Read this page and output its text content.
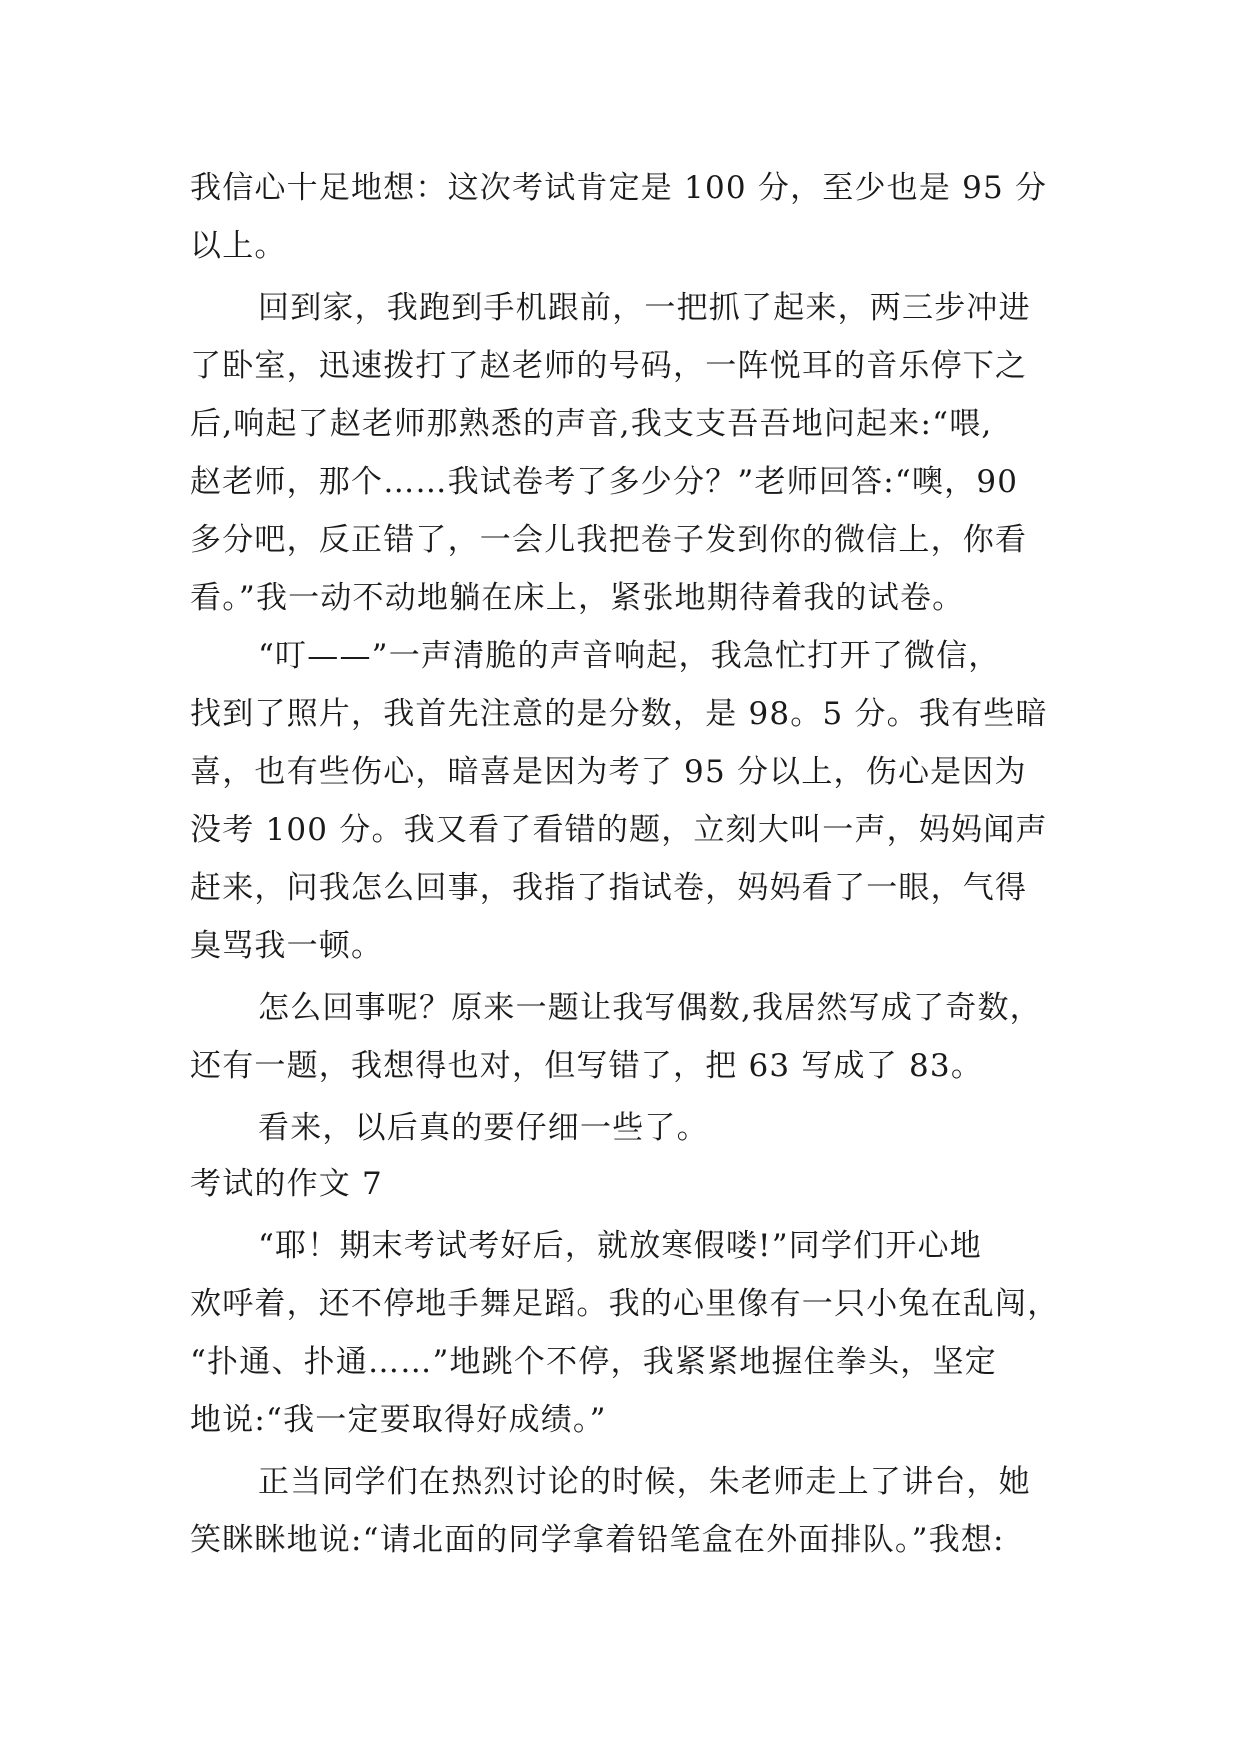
我信心十足地想：这次考试肯定是 100 分，至少也是 95 分
以上。
回到家，我跑到手机跟前，一把抓了起来，两三步冲进
了卧室，迅速拨打了赵老师的号码，一阵悦耳的音乐停下之
后,响起了赵老师那熟悉的声音,我支支吾吾地问起来:“喂,
赵老师，那个……我试卷考了多少分？”老师回答:“噢，90
多分吧，反正错了，一会儿我把卷子发到你的微信上，你看
看。”我一动不动地躺在床上，紧张地期待着我的试卷。
“叮——”一声清脆的声音响起，我急忙打开了微信，
找到了照片，我首先注意的是分数，是 98。5 分。我有些暗
喜，也有些伤心，暗喜是因为考了 95 分以上，伤心是因为
没考 100 分。我又看了看错的题，立刻大叫一声，妈妈闻声
赶来，问我怎么回事，我指了指试卷，妈妈看了一眼，气得
臭骂我一顿。
怎么回事呢？原来一题让我写偶数,我居然写成了奇数，
还有一题，我想得也对，但写错了，把 63 写成了 83。
看来，以后真的要仔细一些了。
考试的作文 7
“耶！期末考试考好后，就放寒假喽!”同学们开心地
欢呼着，还不停地手舞足蹈。我的心里像有一只小兔在乱闯，
“扑通、扑通……”地跳个不停，我紧紧地握住拳头，坚定
地说:“我一定要取得好成绩。”
正当同学们在热烈讨论的时候，朱老师走上了讲台，她
笑眯眯地说:“请北面的同学拿着铅笔盒在外面排队。”我想:
